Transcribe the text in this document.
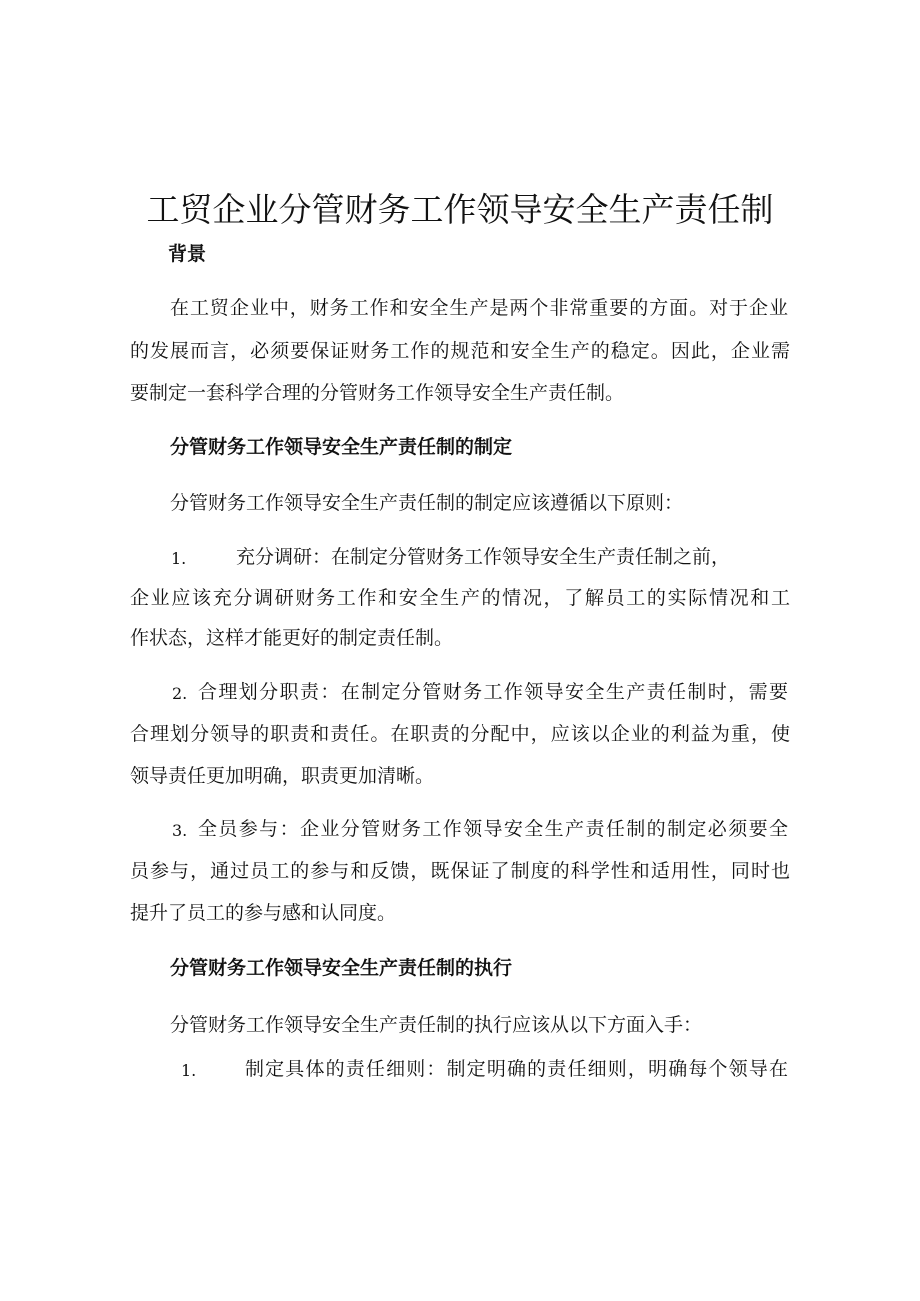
工贸企业分管财务工作领导安全生产责任制
背景
在工贸企业中，财务工作和安全生产是两个非常重要的方面。对于企业
的发展而言，必须要保证财务工作的规范和安全生产的稳定。因此，企业需
要制定一套科学合理的分管财务工作领导安全生产责任制。
分管财务工作领导安全生产责任制的制定

分管财务工作领导安全生产责任制的制定应该遵循以下原则：

1.	充分调研：在制定分管财务工作领导安全生产责任制之前，
企业应该充分调研财务工作和安全生产的情况，了解员工的实际情况和工
作状态，这样才能更好的制定责任制。
2. 合理划分职责：在制定分管财务工作领导安全生产责任制时，需要
合理划分领导的职责和责任。在职责的分配中，应该以企业的利益为重，使
领导责任更加明确，职责更加清晰。
3. 全员参与：企业分管财务工作领导安全生产责任制的制定必须要全
员参与，通过员工的参与和反馈，既保证了制度的科学性和适用性，同时也
提升了员工的参与感和认同度。
分管财务工作领导安全生产责任制的执行

分管财务工作领导安全生产责任制的执行应该从以下方面入手：

1.	制定具体的责任细则：制定明确的责任细则，明确每个领导在
